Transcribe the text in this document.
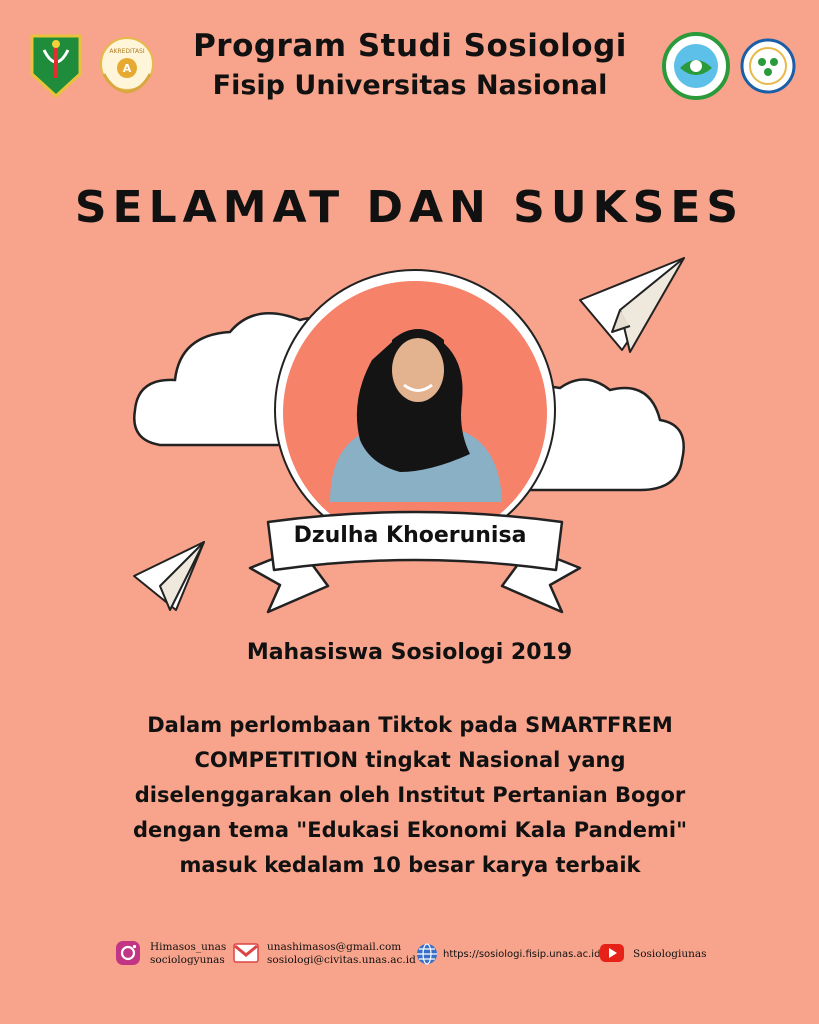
A
AKREDITASI	Program Studi Sosiologi
Fisip Universitas Nasional
SELAMAT DAN SUKSES
Dzulha Khoerunisa
Mahasiswa Sosiologi 2019
Dalam perlombaan Tiktok pada SMARTFREM
COMPETITION tingkat Nasional yang
diselenggarakan oleh Institut Pertanian Bogor
dengan tema "Edukasi Ekonomi Kala Pandemi"
masuk kedalam 10 besar karya terbaik
Himasos_unas
sociologyunas
unashimasos@gmail.com
sosiologi@civitas.unas.ac.id	https://sosiologi.fisip.unas.ac.id	Sosiologiunas
